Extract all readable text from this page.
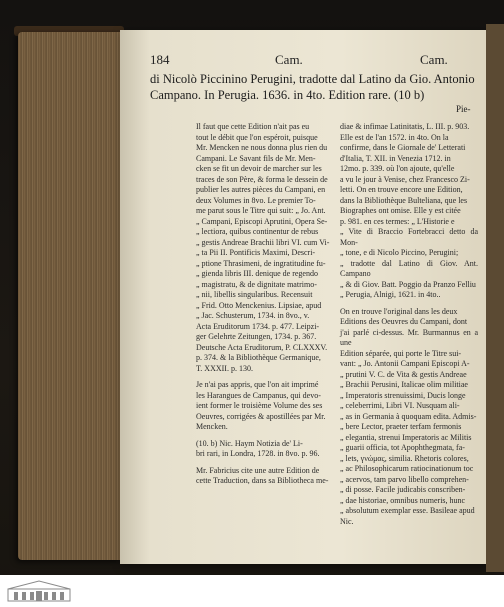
184	Cam.	Cam.
di Nicolò Piccinino Perugini, tradotte dal Latino da Gio. Antonio
Campano. In Perugia. 1636. in 4to. Edition rare. (10 b)
Pie-

Il faut que cette Edition n'ait pas eu
tout le débit que l'on espéroit, puisque
Mr. Mencken ne nous donna plus rien du
Campani. Le Savant fils de Mr. Men-
cken se fit un devoir de marcher sur les
traces de son Père, & forma le dessein de
publier les autres pièces du Campani, en
deux Volumes in 8vo. Le premier To-
me parut sous le Titre qui suit: „ Jo. Ant.
„ Campani, Episcopi Aprutini, Opera Se-
„ lectiora, quibus continentur de rebus
„ gestis Andreae Brachii libri VI. cum Vi-
„ ta Pii II. Pontificis Maximi, Descri-
„ ptione Thrasimeni, de ingratitudine fu-
„ gienda libris III. denique de regendo
„ magistratu, & de dignitate matrimo-
„ nii, libellis singularibus. Recensuit
„ Frid. Otto Menckenius. Lipsiae, apud
„ Jac. Schusterum, 1734. in 8vo., v.
Acta Eruditorum 1734. p. 477. Leipzi-
ger Gelehrte Zeitungen, 1734. p. 367.
Deutsche Acta Eruditorum, P. CLXXXV.
p. 374. & la Bibliothèque Germanique,
T. XXXII. p. 130.

Je n'ai pas appris, que l'on ait imprimé
les Harangues de Campanus, qui devo-
ient former le troisième Volume des ses
Oeuvres, corrigées & apostillées par Mr.
Mencken.

(10. b) Nic. Haym Notizia de' Li-
bri rari, in Londra, 1728. in 8vo. p. 96.

Mr. Fabricius cite une autre Edition de
cette Traduction, dans sa Bibliotheca me-

diae & infimae Latinitatis, L. III. p. 903.
Elle est de l'an 1572. in 4to. On la
confirme, dans le Giornale de' Letterati
d'Italia, T. XII. in Venezia 1712. in
12mo. p. 339. où l'on ajoute, qu'elle
a vu le jour à Venise, chez Francesco Zi-
letti. On en trouve encore une Edition,
dans la Bibliothèque Bulteliana, que les
Biographes ont omise. Elle y est citée
p. 981. en ces termes: „ L'Historie e
„ Vite di Braccio Fortebracci detto da Mon-
„ tone, e di Nicolo Piccino, Perugini;
„ tradotte dal Latino di Giov. Ant. Campano
„ & di Giov. Batt. Poggio da Pranzo Felliu
„ Perugia, Alnigi, 1621. in 4to..

On en trouve l'original dans les deux
Editions des Oeuvres du Campani, dont
j'ai parlé ci-dessus. Mr. Burmannus en a une
Edition séparée, qui porte le Titre sui-
vant: „ Jo. Antonii Campani Episcopi A-
„ prutini V. C. de Vita & gestis Andreae
„ Brachii Perusini, Italicae olim militiae
„ Imperatoris strenuissimi, Ducis longe
„ celeberrimi, Libri VI. Nusquam ali-
„ as in Germania à quoquam edita. Admis-
„ bere Lector, praeter terfam fermonis
„ elegantia, strenui Imperatoris ac Militis
„ guarii officia, tot Apophthegmata, fa-
„ lets, γνώμας, similia. Rhetoris colores,
„ ac Philosophicarum ratiocinationum toc
„ acervos, tam parvo libello comprehen-
„ di posse. Facile judicabis conscriben-
„ dae historiae, omnibus numeris, hunc
„ absolutum exemplar esse. Basileae apud
Nic.
